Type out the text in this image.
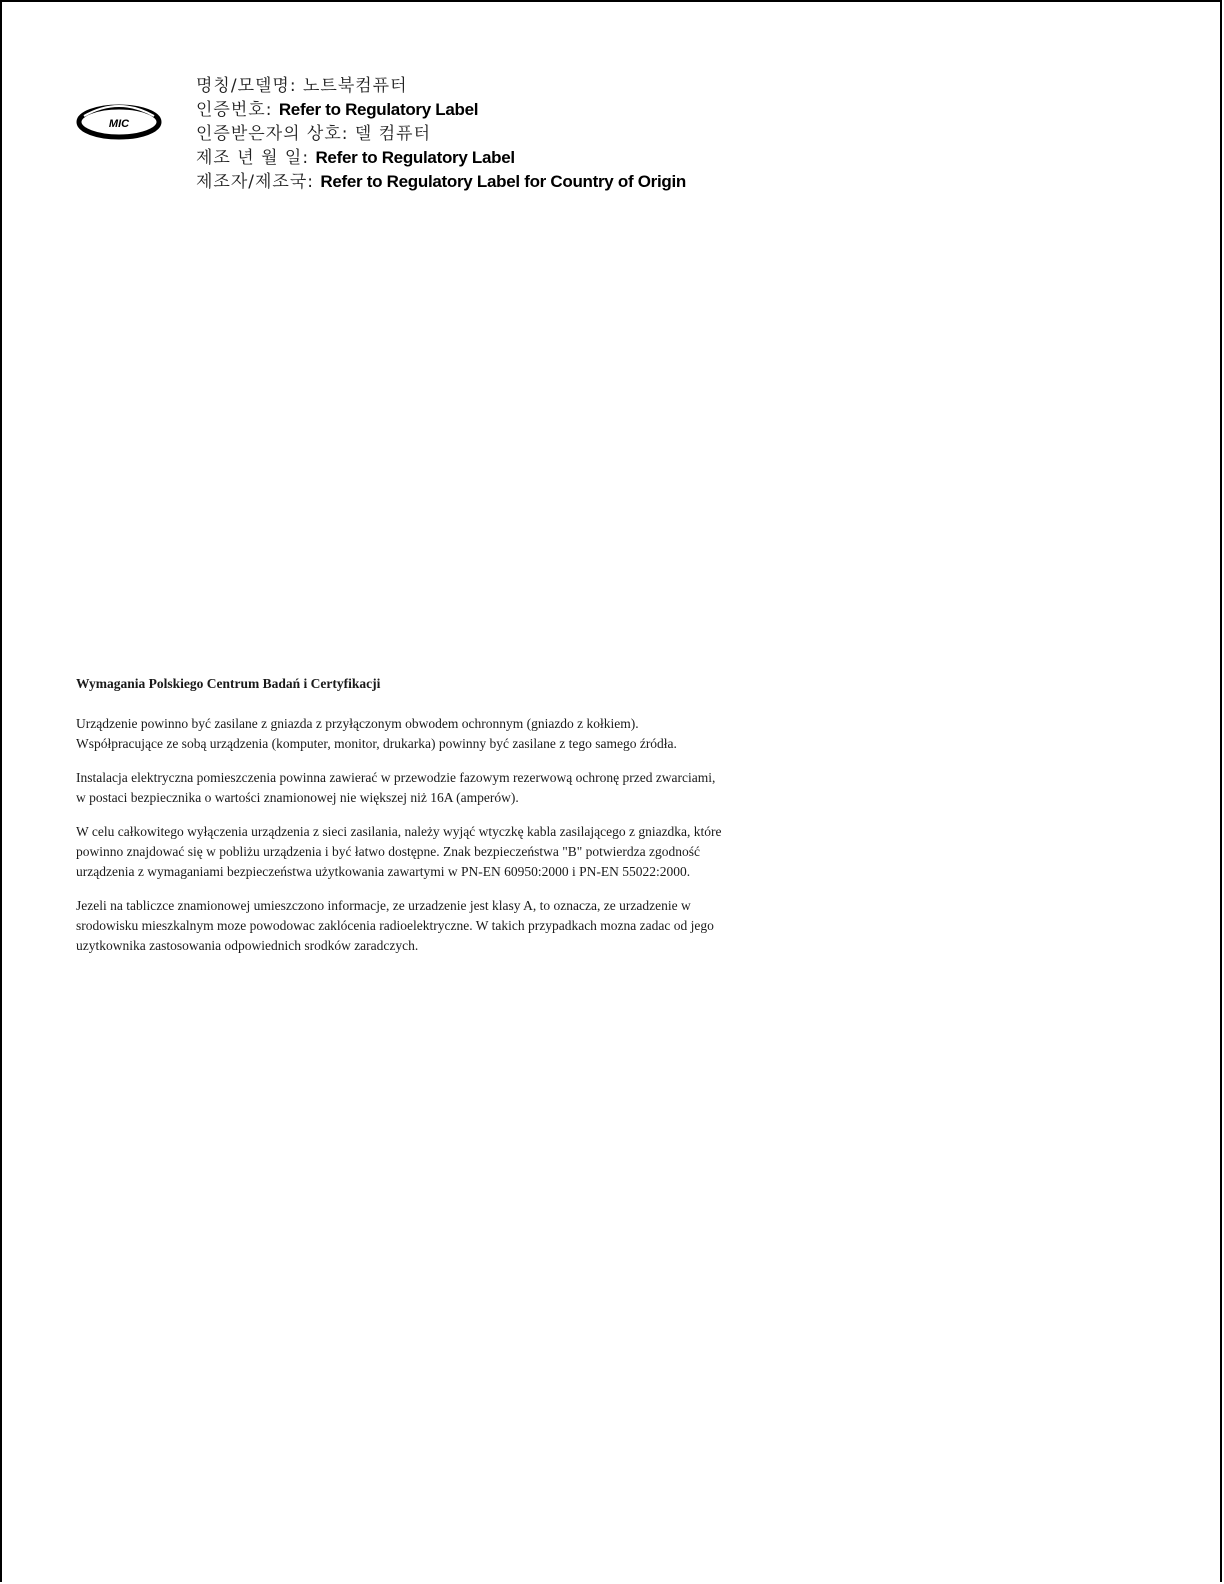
MIC
명칭/모델명: 노트북컴퓨터
인증번호: Refer to Regulatory Label
인증받은자의 상호: 델 컴퓨터
제조 년 월 일: Refer to Regulatory Label
제조자/제조국: Refer to Regulatory Label for Country of Origin
Wymagania Polskiego Centrum Badań i Certyfikacji
Urządzenie powinno być zasilane z gniazda z przyłączonym obwodem ochronnym (gniazdo z kołkiem).
Współpracujące ze sobą urządzenia (komputer, monitor, drukarka) powinny być zasilane z tego samego źródła.
Instalacja elektryczna pomieszczenia powinna zawierać w przewodzie fazowym rezerwową ochronę przed zwarciami,
w postaci bezpiecznika o wartości znamionowej nie większej niż 16A (amperów).
W celu całkowitego wyłączenia urządzenia z sieci zasilania, należy wyjąć wtyczkę kabla zasilającego z gniazdka, które
powinno znajdować się w pobliżu urządzenia i być łatwo dostępne. Znak bezpieczeństwa "B" potwierdza zgodność
urządzenia z wymaganiami bezpieczeństwa użytkowania zawartymi w PN-EN 60950:2000 i PN-EN 55022:2000.
Jezeli na tabliczce znamionowej umieszczono informacje, ze urzadzenie jest klasy A, to oznacza, ze urzadzenie w
srodowisku mieszkalnym moze powodowac zaklócenia radioelektryczne. W takich przypadkach mozna zadac od jego
uzytkownika zastosowania odpowiednich srodków zaradczych.
